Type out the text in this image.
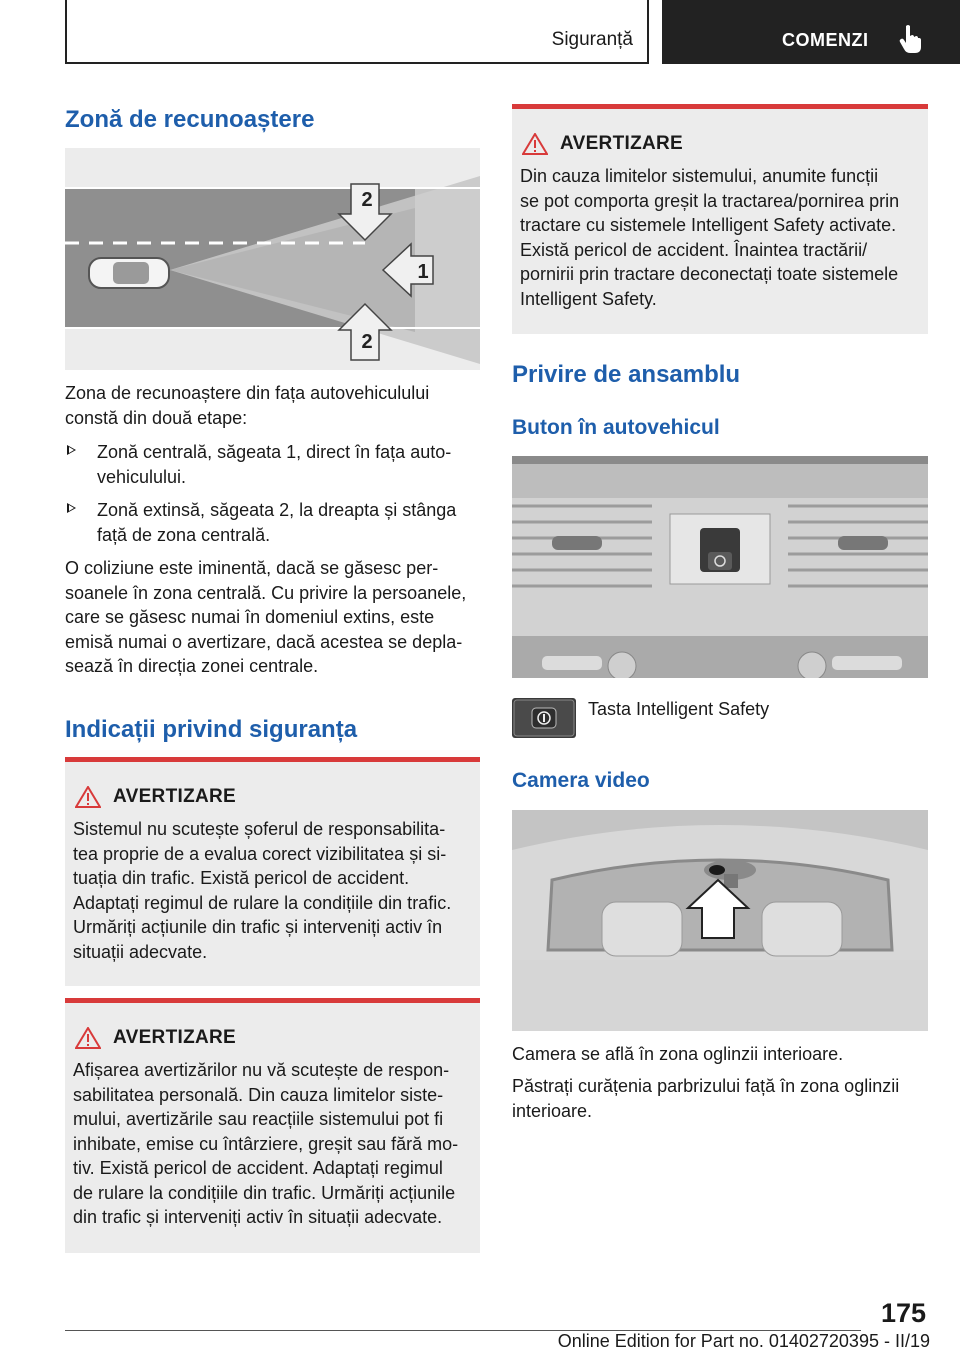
Siguranță	COMENZI
Zonă de recunoaștere
2
1
2
Zona de recunoaștere din fața autovehiculului
constă din două etape:
Zonă centrală, săgeata 1, direct în fața auto-
vehiculului.
Zonă extinsă, săgeata 2, la dreapta și stânga
față de zona centrală.
O coliziune este iminentă, dacă se găsesc per-
soanele în zona centrală. Cu privire la persoanele,
care se găsesc numai în domeniul extins, este
emisă numai o avertizare, dacă acestea se depla-
sează în direcția zonei centrale.
Indicații privind siguranța
AVERTIZARE
Sistemul nu scutește șoferul de responsabilita-
tea proprie de a evalua corect vizibilitatea și si-
tuația din trafic. Există pericol de accident.
Adaptați regimul de rulare la condițiile din trafic.
Urmăriți acțiunile din trafic și interveniți activ în
situații adecvate.
AVERTIZARE
Afișarea avertizărilor nu vă scutește de respon-
sabilitatea personală. Din cauza limitelor siste-
mului, avertizările sau reacțiile sistemului pot fi
inhibate, emise cu întârziere, greșit sau fără mo-
tiv. Există pericol de accident. Adaptați regimul
de rulare la condițiile din trafic. Urmăriți acțiunile
din trafic și interveniți activ în situații adecvate.
AVERTIZARE
Din cauza limitelor sistemului, anumite funcții
se pot comporta greșit la tractarea/pornirea prin
tractare cu sistemele Intelligent Safety activate.
Există pericol de accident. Înaintea tractării/
pornirii prin tractare deconectați toate sistemele
Intelligent Safety.
Privire de ansamblu
Buton în autovehicul
Tasta Intelligent Safety
Camera video
Camera se află în zona oglinzii interioare.
Păstrați curățenia parbrizului față în zona oglinzii
interioare.
175
Online Edition for Part no. 01402720395 - II/19
